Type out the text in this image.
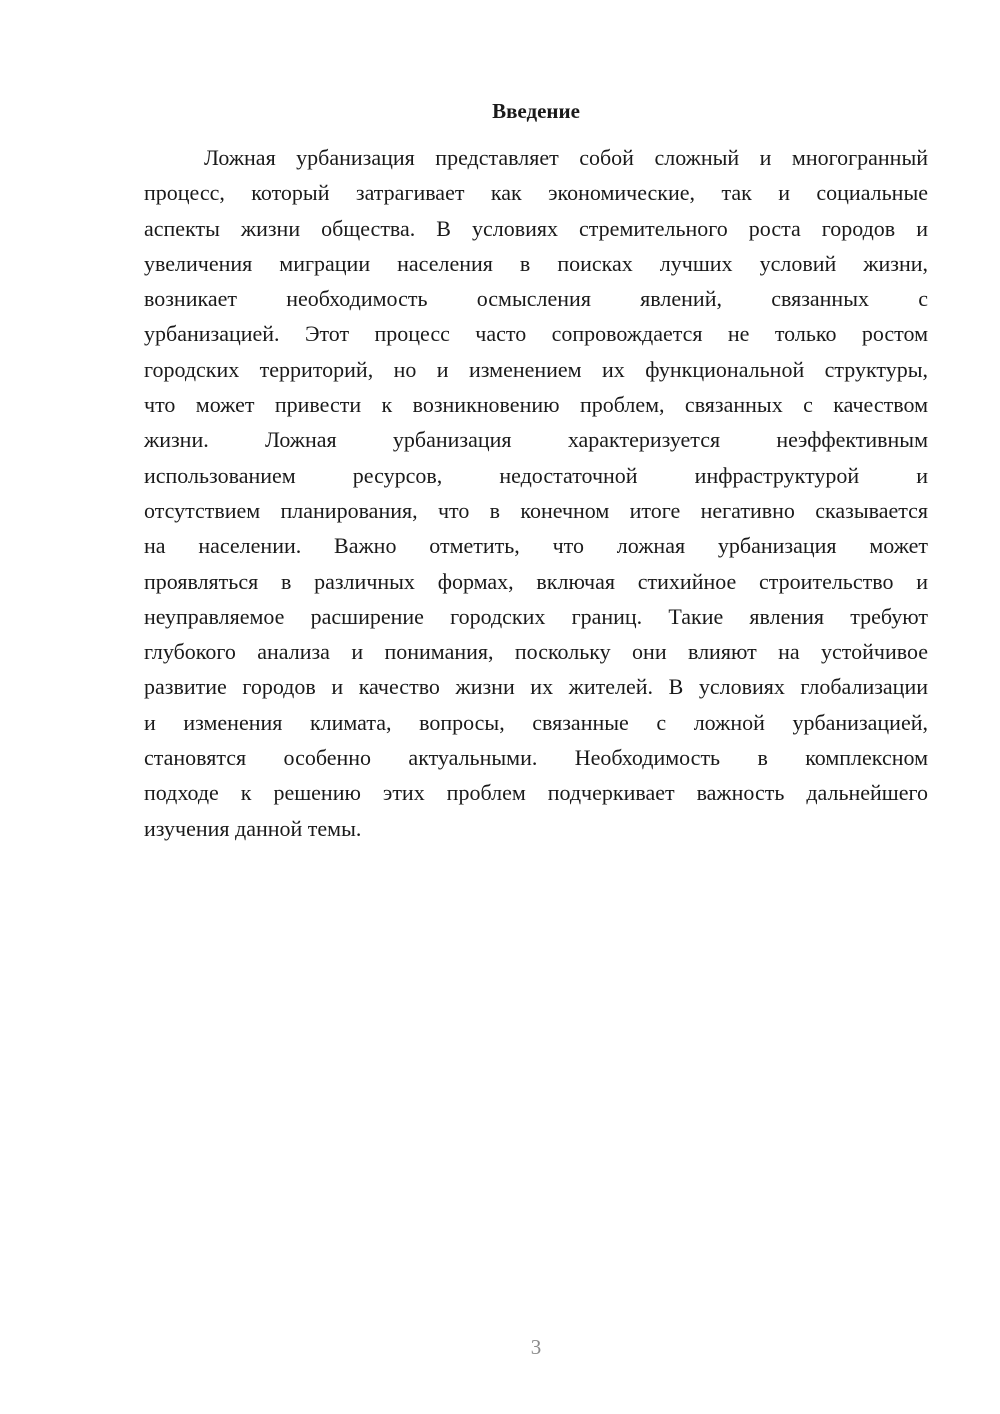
Введение
Ложная урбанизация представляет собой сложный и многогранный
процесс, который затрагивает как экономические, так и социальные
аспекты жизни общества. В условиях стремительного роста городов и
увеличения миграции населения в поисках лучших условий жизни,
возникает необходимость осмысления явлений, связанных с
урбанизацией. Этот процесс часто сопровождается не только ростом
городских территорий, но и изменением их функциональной структуры,
что может привести к возникновению проблем, связанных с качеством
жизни. Ложная урбанизация характеризуется неэффективным
использованием ресурсов, недостаточной инфраструктурой и
отсутствием планирования, что в конечном итоге негативно сказывается
на населении. Важно отметить, что ложная урбанизация может
проявляться в различных формах, включая стихийное строительство и
неуправляемое расширение городских границ. Такие явления требуют
глубокого анализа и понимания, поскольку они влияют на устойчивое
развитие городов и качество жизни их жителей. В условиях глобализации
и изменения климата, вопросы, связанные с ложной урбанизацией,
становятся особенно актуальными. Необходимость в комплексном
подходе к решению этих проблем подчеркивает важность дальнейшего
изучения данной темы.
3
